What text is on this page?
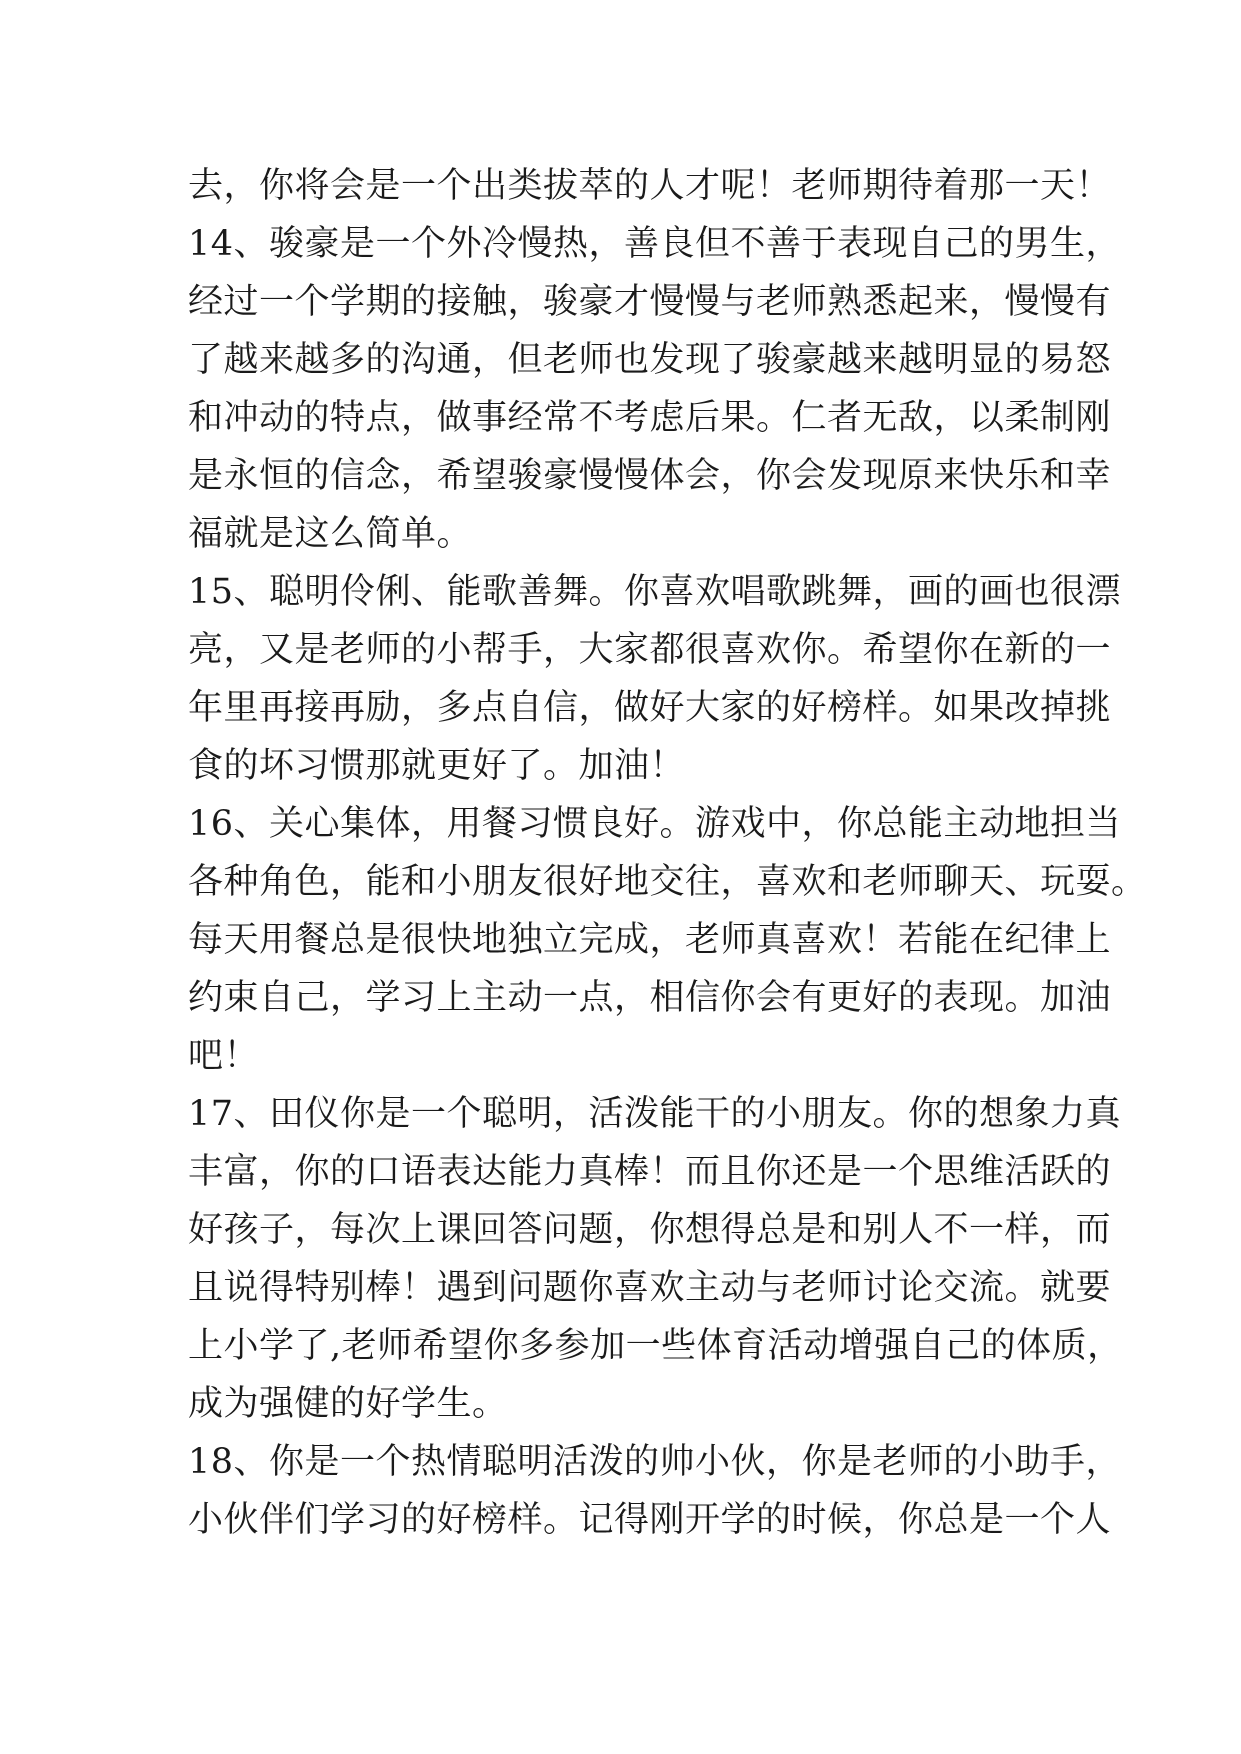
去，你将会是一个出类拔萃的人才呢！老师期待着那一天！
14、骏豪是一个外冷慢热，善良但不善于表现自己的男生，
经过一个学期的接触，骏豪才慢慢与老师熟悉起来，慢慢有
了越来越多的沟通，但老师也发现了骏豪越来越明显的易怒
和冲动的特点，做事经常不考虑后果。仁者无敌，以柔制刚
是永恒的信念，希望骏豪慢慢体会，你会发现原来快乐和幸
福就是这么简单。
15、聪明伶俐、能歌善舞。你喜欢唱歌跳舞，画的画也很漂
亮，又是老师的小帮手，大家都很喜欢你。希望你在新的一
年里再接再励，多点自信，做好大家的好榜样。如果改掉挑
食的坏习惯那就更好了。加油！
16、关心集体，用餐习惯良好。游戏中，你总能主动地担当
各种角色，能和小朋友很好地交往，喜欢和老师聊天、玩耍。
每天用餐总是很快地独立完成，老师真喜欢！若能在纪律上
约束自己，学习上主动一点，相信你会有更好的表现。加油
吧！
17、田仪你是一个聪明，活泼能干的小朋友。你的想象力真
丰富，你的口语表达能力真棒！而且你还是一个思维活跃的
好孩子，每次上课回答问题，你想得总是和别人不一样，而
且说得特别棒！遇到问题你喜欢主动与老师讨论交流。就要
上小学了,老师希望你多参加一些体育活动增强自己的体质，
成为强健的好学生。
18、你是一个热情聪明活泼的帅小伙，你是老师的小助手，
小伙伴们学习的好榜样。记得刚开学的时候，你总是一个人
